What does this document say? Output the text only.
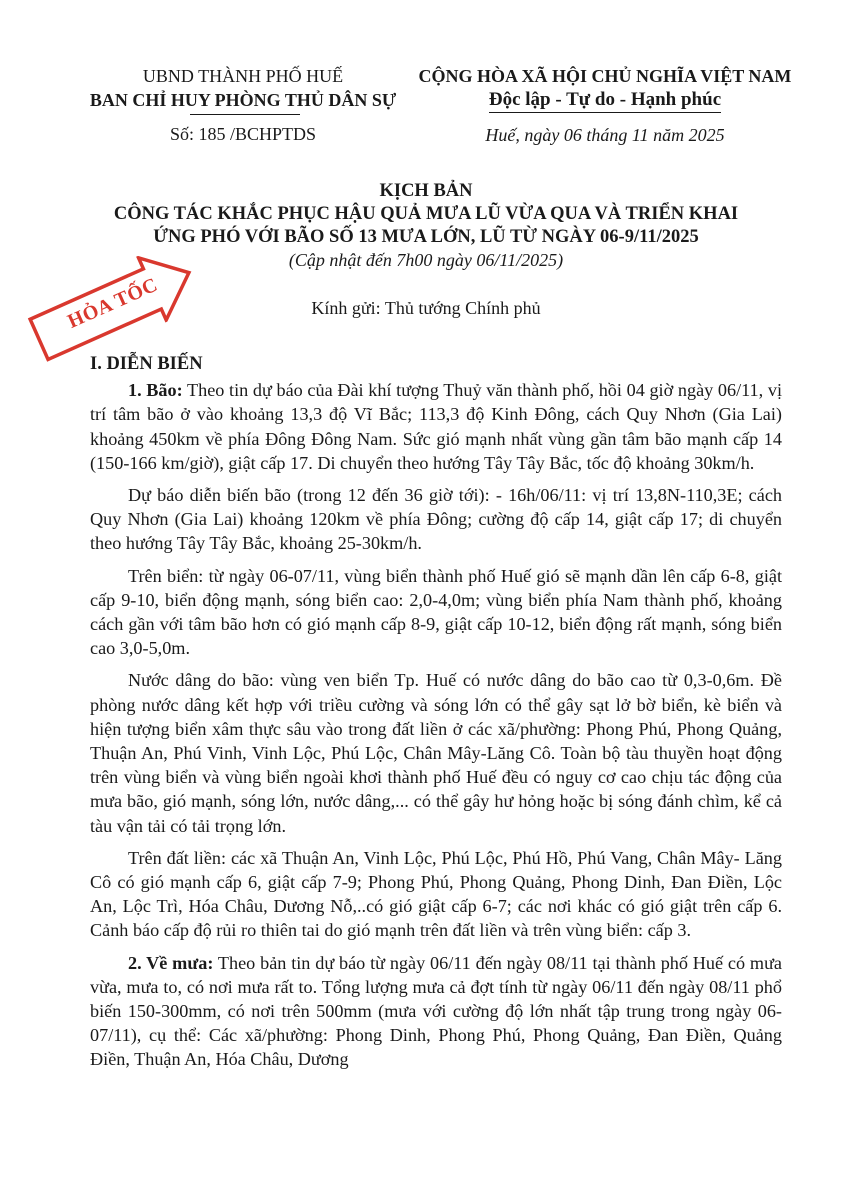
UBND THÀNH PHỐ HUẾ
BAN CHỈ HUY PHÒNG THỦ DÂN SỰ
Số: 185 /BCHPTDS
CỘNG HÒA XÃ HỘI CHỦ NGHĨA VIỆT NAM
Độc lập - Tự do - Hạnh phúc
Huế, ngày 06 tháng 11 năm 2025
KỊCH BẢN
CÔNG TÁC KHẮC PHỤC HẬU QUẢ MƯA LŨ VỪA QUA VÀ TRIỂN KHAI
ỨNG PHÓ VỚI BÃO SỐ 13 MƯA LỚN, LŨ TỪ NGÀY 06-9/11/2025
(Cập nhật đến 7h00 ngày 06/11/2025)
HỎA TỐC	Kính gửi: Thủ tướng Chính phủ
I. DIỄN BIẾN

1. Bão: Theo tin dự báo của Đài khí tượng Thuỷ văn thành phố, hồi 04 giờ ngày 06/11, vị trí tâm bão ở vào khoảng 13,3 độ Vĩ Bắc; 113,3 độ Kinh Đông, cách Quy Nhơn (Gia Lai) khoảng 450km về phía Đông Đông Nam. Sức gió mạnh nhất vùng gần tâm bão mạnh cấp 14 (150-166 km/giờ), giật cấp 17. Di chuyển theo hướng Tây Tây Bắc, tốc độ khoảng 30km/h.

Dự báo diễn biến bão (trong 12 đến 36 giờ tới): - 16h/06/11: vị trí 13,8N-110,3E; cách Quy Nhơn (Gia Lai) khoảng 120km về phía Đông; cường độ cấp 14, giật cấp 17; di chuyển theo hướng Tây Tây Bắc, khoảng 25-30km/h.

Trên biển: từ ngày 06-07/11, vùng biển thành phố Huế gió sẽ mạnh dần lên cấp 6-8, giật cấp 9-10, biển động mạnh, sóng biển cao: 2,0-4,0m; vùng biển phía Nam thành phố, khoảng cách gần với tâm bão hơn có gió mạnh cấp 8-9, giật cấp 10-12, biển động rất mạnh, sóng biển cao 3,0-5,0m.

Nước dâng do bão: vùng ven biển Tp. Huế có nước dâng do bão cao từ 0,3-0,6m. Đề phòng nước dâng kết hợp với triều cường và sóng lớn có thể gây sạt lở bờ biển, kè biển và hiện tượng biển xâm thực sâu vào trong đất liền ở các xã/phường: Phong Phú, Phong Quảng, Thuận An, Phú Vinh, Vinh Lộc, Phú Lộc, Chân Mây-Lăng Cô. Toàn bộ tàu thuyền hoạt động trên vùng biển và vùng biển ngoài khơi thành phố Huế đều có nguy cơ cao chịu tác động của mưa bão, gió mạnh, sóng lớn, nước dâng,... có thể gây hư hỏng hoặc bị sóng đánh chìm, kể cả tàu vận tải có tải trọng lớn.

Trên đất liền: các xã Thuận An, Vinh Lộc, Phú Lộc, Phú Hồ, Phú Vang, Chân Mây- Lăng Cô có gió mạnh cấp 6, giật cấp 7-9; Phong Phú, Phong Quảng, Phong Dinh, Đan Điền, Lộc An, Lộc Trì, Hóa Châu, Dương Nỗ,..có gió giật cấp 6-7; các nơi khác có gió giật trên cấp 6. Cảnh báo cấp độ rủi ro thiên tai do gió mạnh trên đất liền và trên vùng biển: cấp 3.

2. Về mưa: Theo bản tin dự báo từ ngày 06/11 đến ngày 08/11 tại thành phố Huế có mưa vừa, mưa to, có nơi mưa rất to. Tổng lượng mưa cả đợt tính từ ngày 06/11 đến ngày 08/11 phổ biến 150-300mm, có nơi trên 500mm (mưa với cường độ lớn nhất tập trung trong ngày 06-07/11), cụ thể: Các xã/phường: Phong Dinh, Phong Phú, Phong Quảng, Đan Điền, Quảng Điền, Thuận An, Hóa Châu, Dương
